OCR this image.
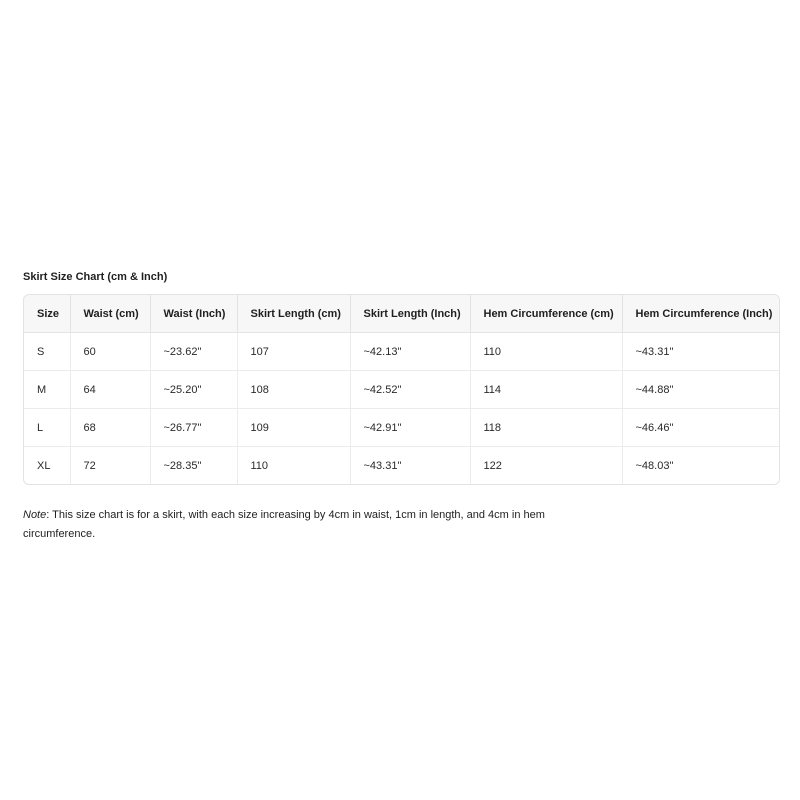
Skirt Size Chart (cm & Inch)
Size	Waist (cm)	Waist (Inch)	Skirt Length (cm)	Skirt Length (Inch)	Hem Circumference (cm)	Hem Circumference (Inch)
S	60	~23.62"	107	~42.13"	110	~43.31"
M	64	~25.20"	108	~42.52"	114	~44.88"
L	68	~26.77"	109	~42.91"	118	~46.46"
XL	72	~28.35"	110	~43.31"	122	~48.03"
Note: This size chart is for a skirt, with each size increasing by 4cm in waist, 1cm in length, and 4cm in hem circumference.
